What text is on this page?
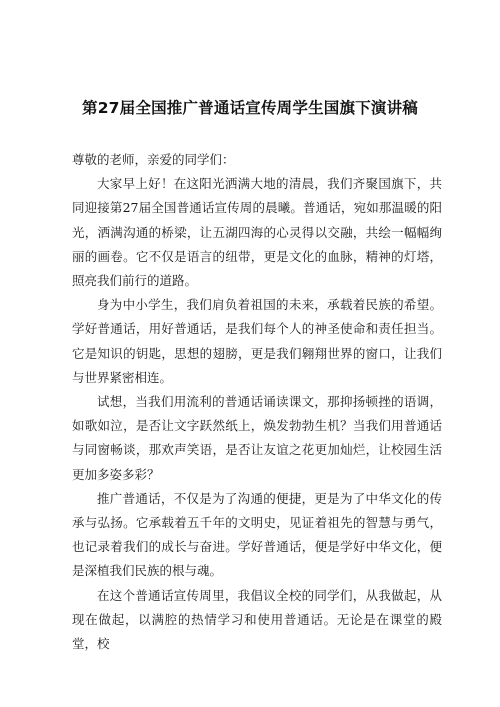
第27届全国推广普通话宣传周学生国旗下演讲稿

尊敬的老师，亲爱的同学们：

大家早上好！在这阳光洒满大地的清晨，我们齐聚国旗下，共同迎接第27届全国普通话宣传周的晨曦。普通话，宛如那温暖的阳光，洒满沟通的桥梁，让五湖四海的心灵得以交融，共绘一幅幅绚丽的画卷。它不仅是语言的纽带，更是文化的血脉，精神的灯塔，照亮我们前行的道路。

身为中小学生，我们肩负着祖国的未来，承载着民族的希望。学好普通话，用好普通话，是我们每个人的神圣使命和责任担当。它是知识的钥匙，思想的翅膀，更是我们翱翔世界的窗口，让我们与世界紧密相连。

试想，当我们用流利的普通话诵读课文，那抑扬顿挫的语调，如歌如泣，是否让文字跃然纸上，焕发勃勃生机？当我们用普通话与同窗畅谈，那欢声笑语，是否让友谊之花更加灿烂，让校园生活更加多姿多彩？

推广普通话，不仅是为了沟通的便捷，更是为了中华文化的传承与弘扬。它承载着五千年的文明史，见证着祖先的智慧与勇气，也记录着我们的成长与奋进。学好普通话，便是学好中华文化，便是深植我们民族的根与魂。

在这个普通话宣传周里，我倡议全校的同学们，从我做起，从现在做起，以满腔的热情学习和使用普通话。无论是在课堂的殿堂，校
